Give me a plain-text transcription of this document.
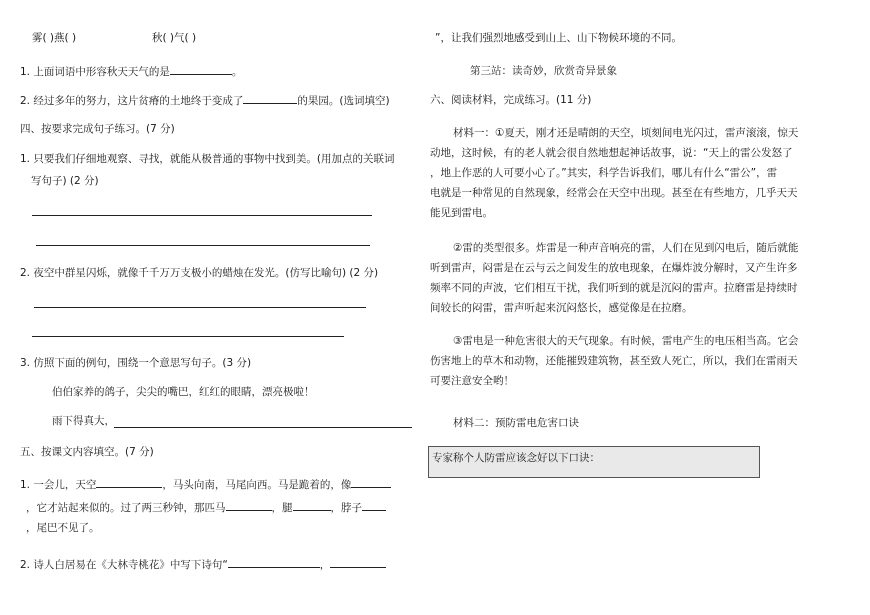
雾( )燕( )	秋( )气( )
1. 上面词语中形容秋天天气的是	。
2. 经过多年的努力，这片贫瘠的土地终于变成了	的果园。(选词填空)
四、按要求完成句子练习。(7 分)
1. 只要我们仔细地观察、寻找，就能从极普通的事物中找到美。(用加点的关联词
写句子) (2 分)
2. 夜空中群星闪烁，就像千千万万支极小的蜡烛在发光。(仿写比喻句) (2 分)
3. 仿照下面的例句，围绕一个意思写句子。(3 分)
伯伯家养的鸽子，尖尖的嘴巴，红红的眼睛，漂亮极啦！
雨下得真大，
五、按课文内容填空。(7 分)
1. 一会儿，天空	，马头向南，马尾向西。马是跪着的，像
，它才站起来似的。过了两三秒钟，那匹马	，腿	，脖子
，尾巴不见了。
2. 诗人白居易在《大林寺桃花》中写下诗句“	，
”，让我们强烈地感受到山上、山下物候环境的不同。
第三站：读奇妙，欣赏奇异景象
六、阅读材料，完成练习。(11 分)
材料一：①夏天，刚才还是晴朗的天空，顷刻间电光闪过，雷声滚滚，惊天
动地，这时候，有的老人就会很自然地想起神话故事，说：“天上的雷公发怒了
，地上作恶的人可要小心了。”其实，科学告诉我们，哪儿有什么“雷公”，雷
电就是一种常见的自然现象，经常会在天空中出现。甚至在有些地方，几乎天天
能见到雷电。
②雷的类型很多。炸雷是一种声音响亮的雷，人们在见到闪电后，随后就能
听到雷声，闷雷是在云与云之间发生的放电现象，在爆炸波分解时，又产生许多
频率不同的声波，它们相互干扰，我们听到的就是沉闷的雷声。拉磨雷是持续时
间较长的闷雷，雷声听起来沉闷悠长，感觉像是在拉磨。
③雷电是一种危害很大的天气现象。有时候，雷电产生的电压相当高。它会
伤害地上的草木和动物，还能摧毁建筑物，甚至致人死亡，所以，我们在雷雨天
可要注意安全哟！
材料二：预防雷电危害口诀
专家称个人防雷应该念好以下口诀：
